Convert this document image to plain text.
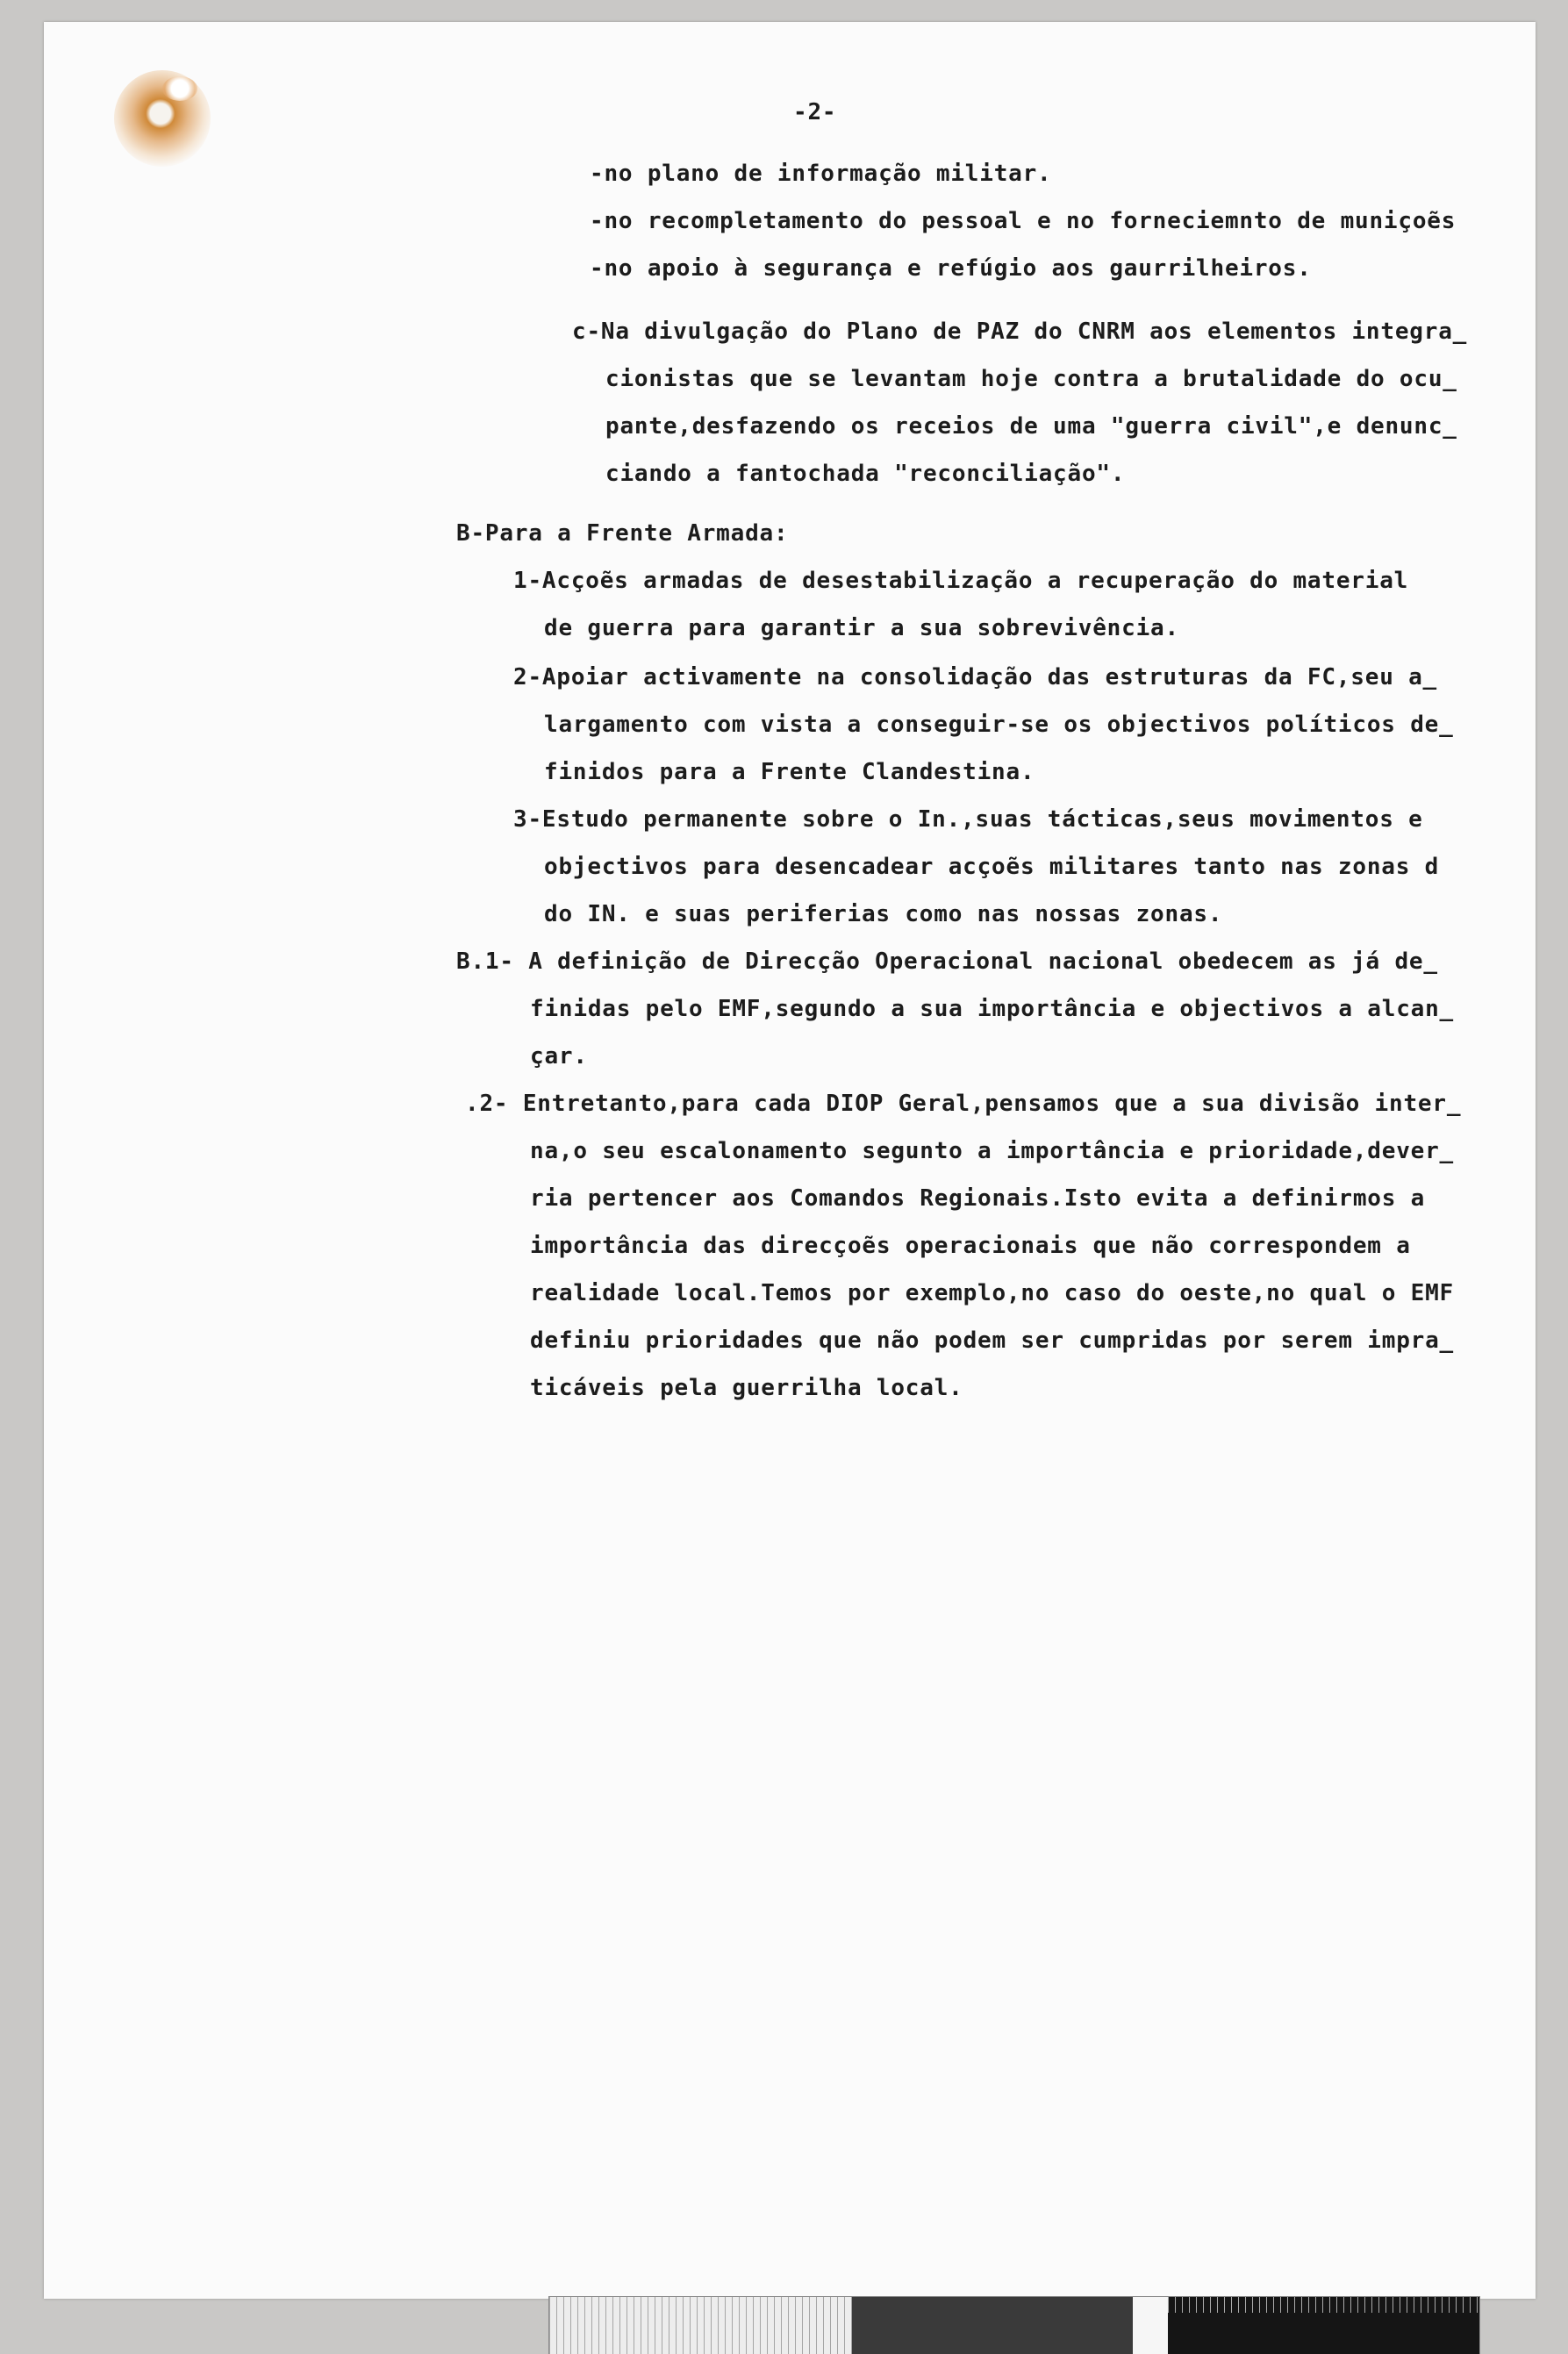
-2-
-no plano de informação militar.
-no recompletamento do pessoal e no forneciemnto de muniçoẽs
-no apoio à segurança e refúgio aos gaurrilheiros.
c-Na divulgação do Plano de PAZ do CNRM aos elementos integra_
cionistas que se levantam hoje contra a brutalidade do ocu_
pante,desfazendo os receios de uma "guerra civil",e denunc_
ciando a fantochada "reconciliação".
B-Para a Frente Armada:
1-Acçoẽs armadas de desestabilização a recuperação do material
de guerra para garantir a sua sobrevivência.
2-Apoiar activamente na consolidação das estruturas da FC,seu a_
largamento com vista a conseguir-se os objectivos políticos de_
finidos para a Frente Clandestina.
3-Estudo permanente sobre o In.,suas tácticas,seus movimentos e
objectivos para desencadear acçoẽs militares tanto nas zonas d
do IN. e suas periferias como nas nossas zonas.
B.1- A definição de Direcção Operacional nacional obedecem as já de_
finidas pelo EMF,segundo a sua importância e objectivos a alcan_
çar.
.2- Entretanto,para cada DIOP Geral,pensamos que a sua divisão inter_
na,o seu escalonamento segunto a importância e prioridade,dever_
ria pertencer aos Comandos Regionais.Isto evita a definirmos a
importância das direcçoẽs operacionais que não correspondem a
realidade local.Temos por exemplo,no caso do oeste,no qual o EMF
definiu prioridades que não podem ser cumpridas por serem impra_
ticáveis pela guerrilha local.
